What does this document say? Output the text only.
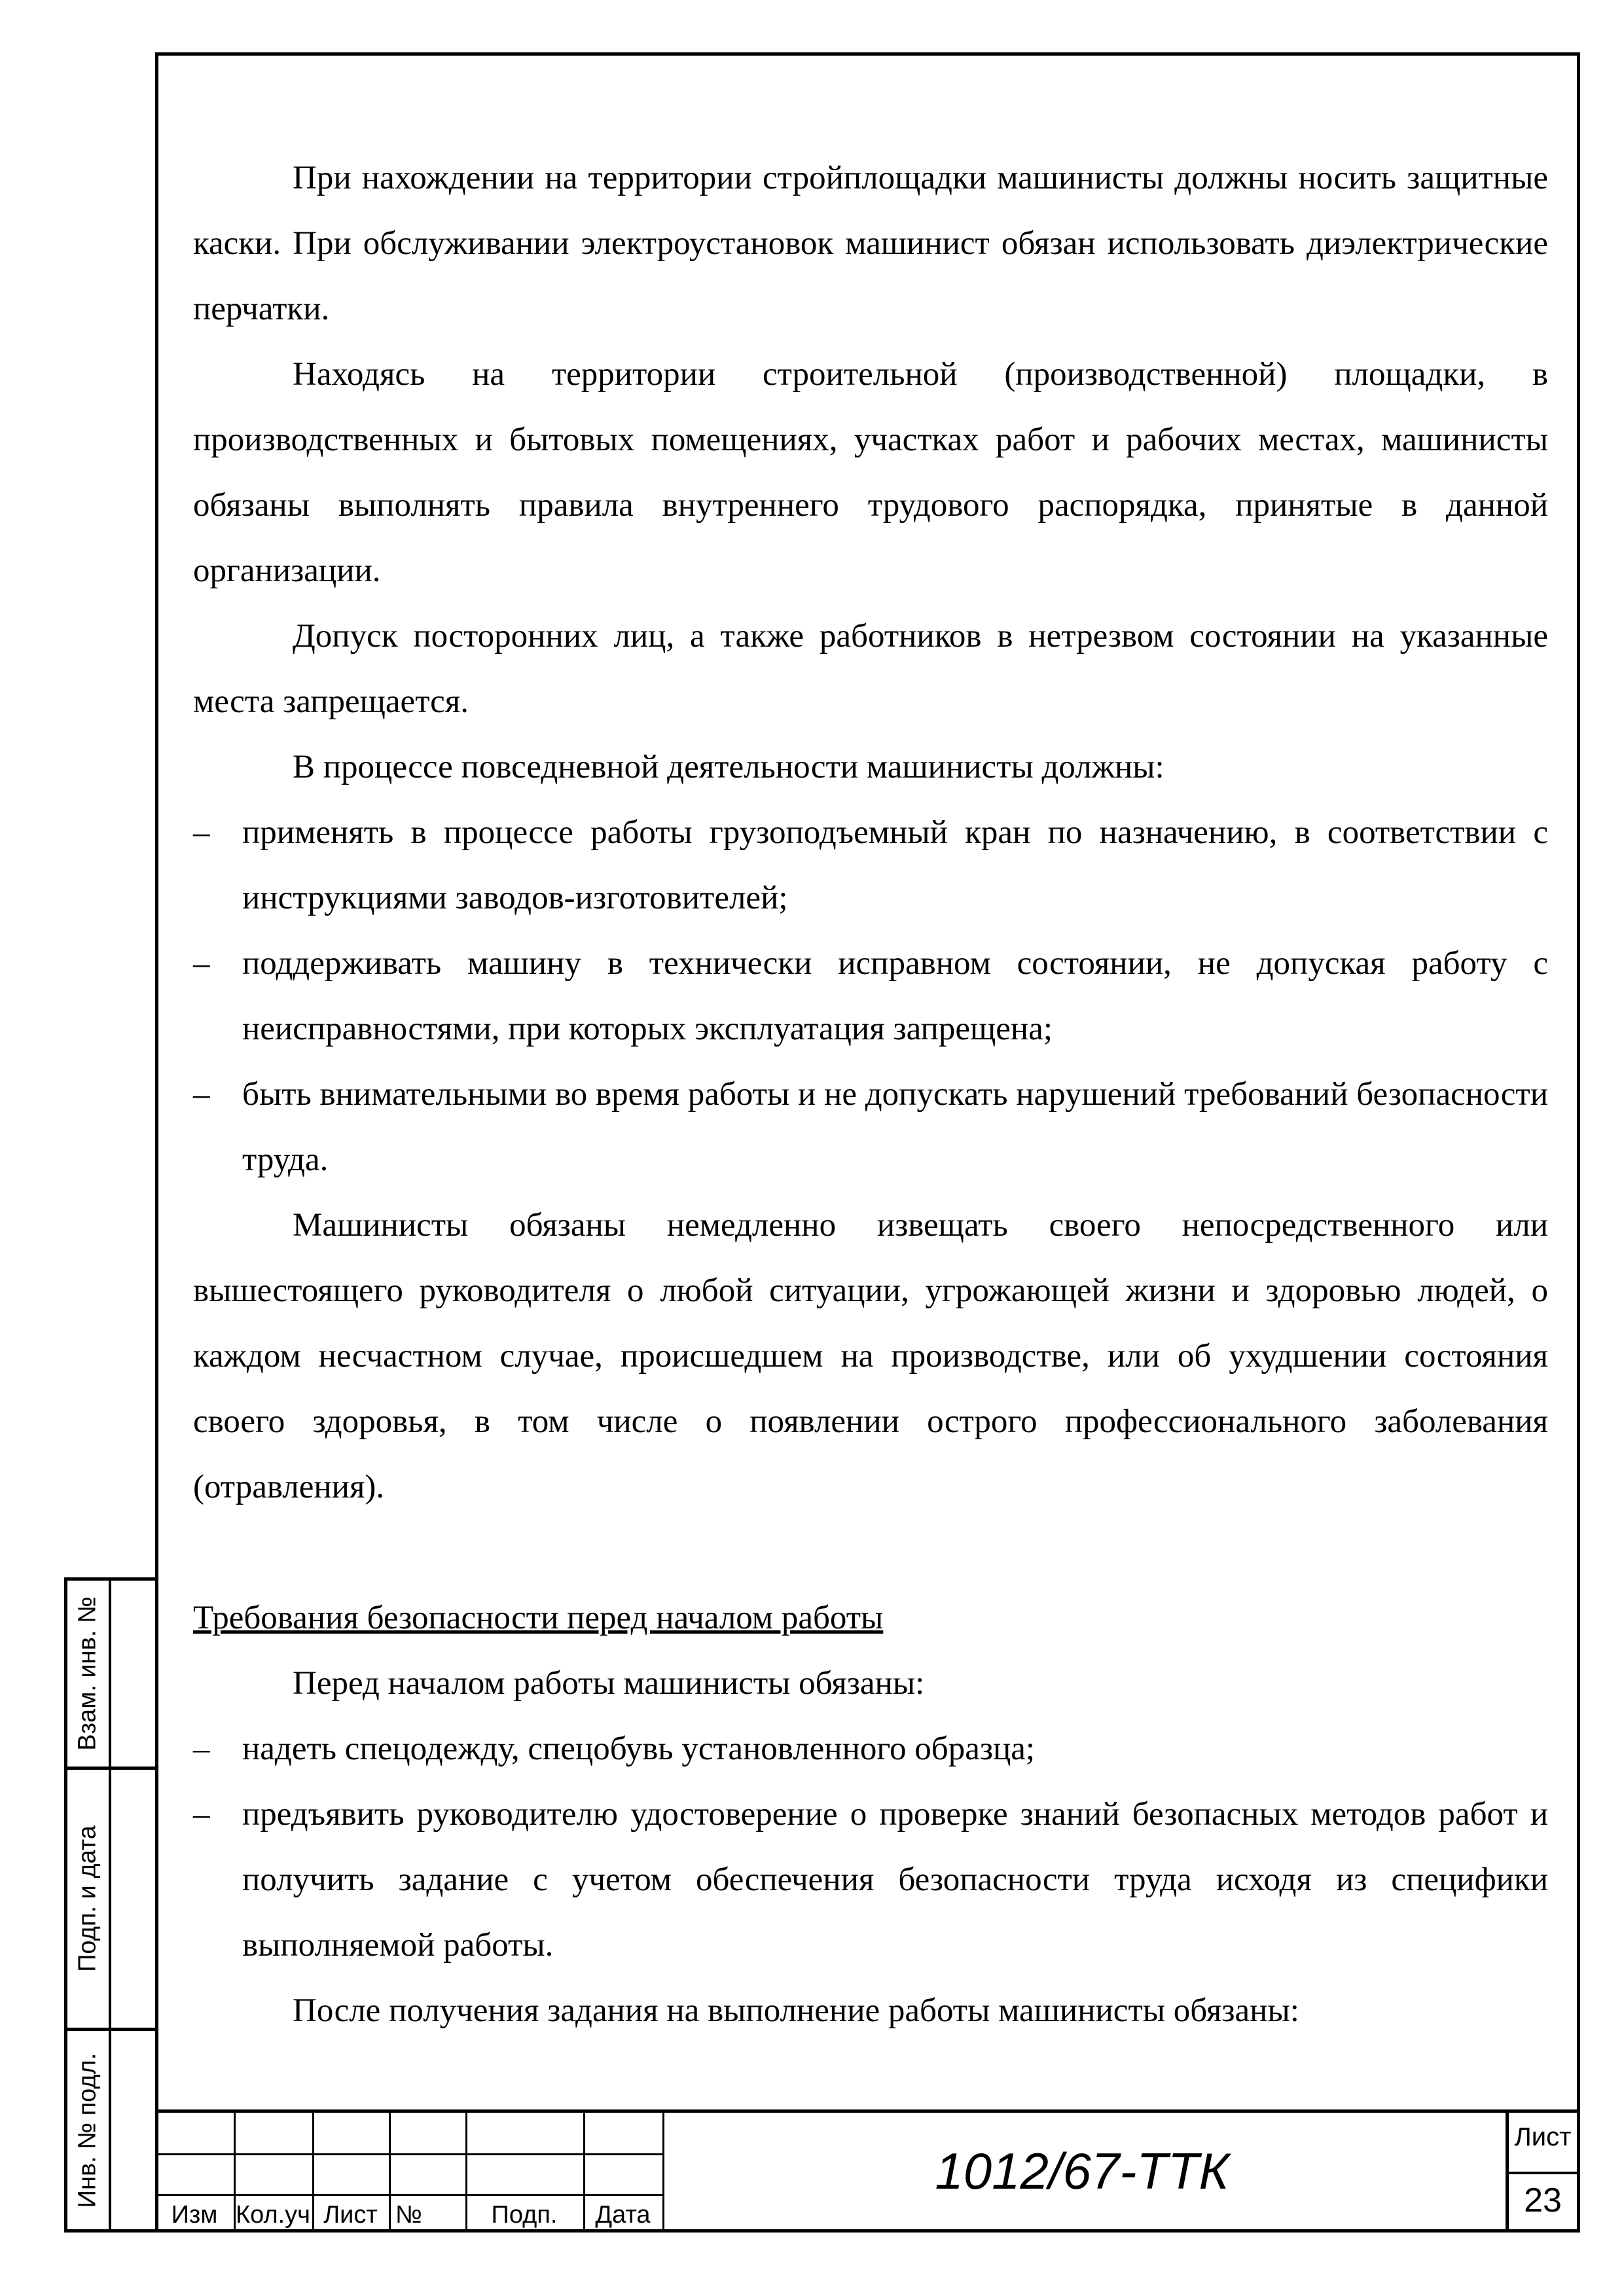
При нахождении на территории стройплощадки машинисты должны носить защитные каски. При обслуживании электроустановок машинист обязан использовать диэлектрические перчатки.

Находясь на территории строительной (производственной) площадки, в производственных и бытовых помещениях, участках работ и рабочих местах, машинисты обязаны выполнять правила внутреннего трудового распорядка, принятые в данной организации.

Допуск посторонних лиц, а также работников в нетрезвом состоянии на указанные места запрещается.

В процессе повседневной деятельности машинисты должны:

– применять в процессе работы грузоподъемный кран по назначению, в соответствии с инструкциями заводов-изготовителей;
– поддерживать машину в технически исправном состоянии, не допуская работу с неисправностями, при которых эксплуатация запрещена;
– быть внимательными во время работы и не допускать нарушений требований безопасности труда.

Машинисты обязаны немедленно извещать своего непосредственного или вышестоящего руководителя о любой ситуации, угрожающей жизни и здоровью людей, о каждом несчастном случае, происшедшем на производстве, или об ухудшении состояния своего здоровья, в том числе о появлении острого профессионального заболевания (отравления).

Требования безопасности перед началом работы

Перед началом работы машинисты обязаны:

– надеть спецодежду, спецобувь установленного образца;
– предъявить руководителю удостоверение о проверке знаний безопасных методов работ и получить задание с учетом обеспечения безопасности труда исходя из специфики выполняемой работы.

После получения задания на выполнение работы машинисты обязаны:

Взам. инв. №
Подп. и дата
Инв. № подл.
Изм Кол.уч Лист №	Подп.	Дата
1012/67-ТТК
Лист
23
